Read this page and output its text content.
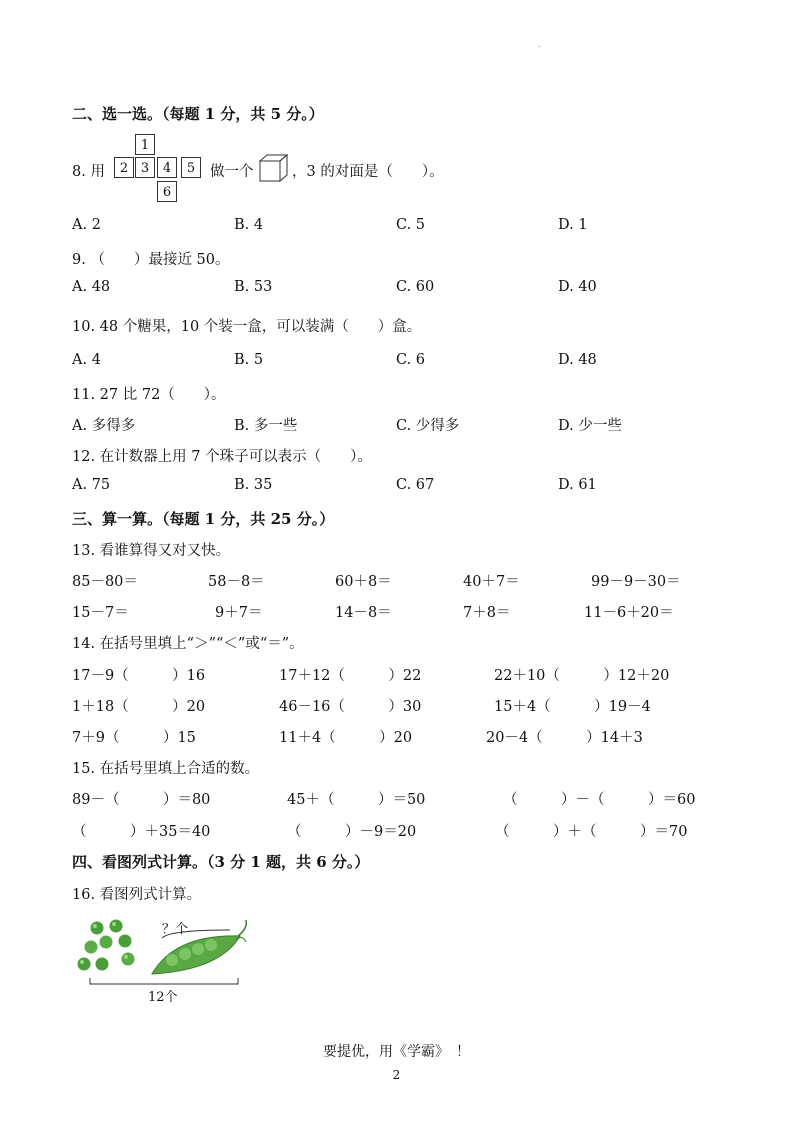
.
二、选一选。（每题 1 分，共 5 分。）
8. 用
1
2 3	4	5
6
做一个	，3 的对面是（　　）。
A. 2	B. 4	C. 5	D. 1
9. （　　）最接近 50。
A. 48	B. 53	C. 60	D. 40
10. 48 个糖果，10 个装一盒，可以装满（　　）盒。
A. 4	B. 5	C. 6	D. 48
11. 27 比 72（　　）。
A. 多得多	B. 多一些	C. 少得多	D. 少一些
12. 在计数器上用 7 个珠子可以表示（　　）。
A. 75	B. 35	C. 67	D. 61
三、算一算。（每题 1 分，共 25 分。）
13. 看谁算得又对又快。
85－80＝	58－8＝	60＋8＝	40＋7＝	99－9－30＝
15－7＝	9＋7＝	14－8＝	7＋8＝	11－6＋20＝
14. 在括号里填上“＞”“＜”或“＝”。
17－9（　　　）16	17＋12（　　　）22	22＋10（　　　）12＋20
1＋18（　　　）20	46－16（　　　）30	15＋4（　　　）19－4
7＋9（　　　）15	11＋4（　　　）20	20－4（　　　）14＋3
15. 在括号里填上合适的数。
89－（　　　）＝80	45＋（　　　）＝50	（　　　）－（　　　）＝60
（　　　）＋35＝40	（　　　）－9＝20	（　　　）＋（　　　）＝70
四、看图列式计算。（3 分 1 题，共 6 分。）
16. 看图列式计算。
？个
12个
要提优，用《学霸》　！
2
